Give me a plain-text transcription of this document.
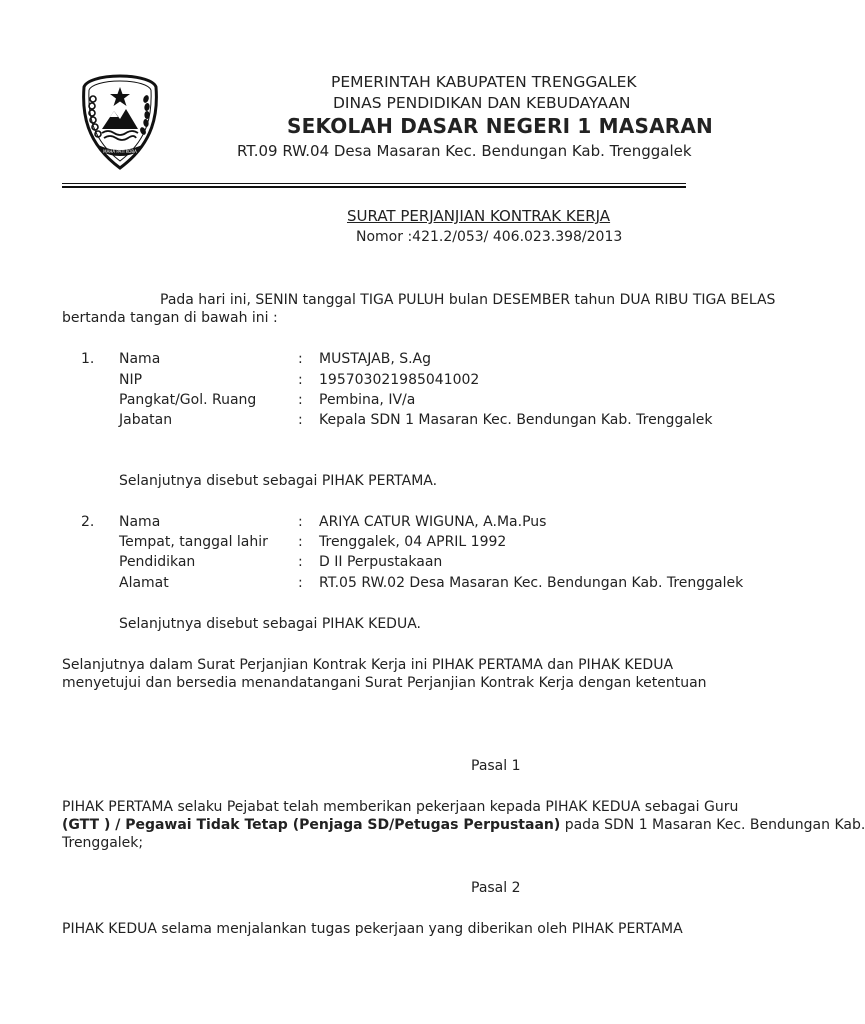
MAHA PATI KOBA
PEMERINTAH KABUPATEN TRENGGALEK
DINAS PENDIDIKAN DAN KEBUDAYAAN
SEKOLAH DASAR NEGERI 1 MASARAN
RT.09 RW.04 Desa Masaran Kec. Bendungan Kab. Trenggalek
SURAT PERJANJIAN KONTRAK KERJA
Nomor :421.2/053/ 406.023.398/2013
Pada hari ini, SENIN tanggal TIGA PULUH bulan DESEMBER tahun DUA RIBU TIGA BELAS
bertanda tangan di bawah ini :
1. Nama	: MUSTAJAB, S.Ag
NIP	: 195703021985041002
Pangkat/Gol. Ruang	: Pembina, IV/a
Jabatan	: Kepala SDN 1 Masaran Kec. Bendungan Kab. Trenggalek
Selanjutnya disebut sebagai PIHAK PERTAMA.
2. Nama	: ARIYA CATUR WIGUNA, A.Ma.Pus
Tempat, tanggal lahir : Trenggalek, 04 APRIL 1992
Pendidikan	: D II Perpustakaan
Alamat	: RT.05 RW.02 Desa Masaran Kec. Bendungan Kab. Trenggalek
Selanjutnya disebut sebagai PIHAK KEDUA.
Selanjutnya dalam Surat Perjanjian Kontrak Kerja ini PIHAK PERTAMA dan PIHAK KEDUA
menyetujui dan bersedia menandatangani Surat Perjanjian Kontrak Kerja dengan ketentuan
Pasal 1
PIHAK PERTAMA selaku Pejabat telah memberikan pekerjaan kepada PIHAK KEDUA sebagai Guru
(GTT ) / Pegawai Tidak Tetap (Penjaga SD/Petugas Perpustaan) pada SDN 1 Masaran Kec. Bendungan Kab.
Trenggalek;
Pasal 2
PIHAK KEDUA selama menjalankan tugas pekerjaan yang diberikan oleh PIHAK PERTAMA
